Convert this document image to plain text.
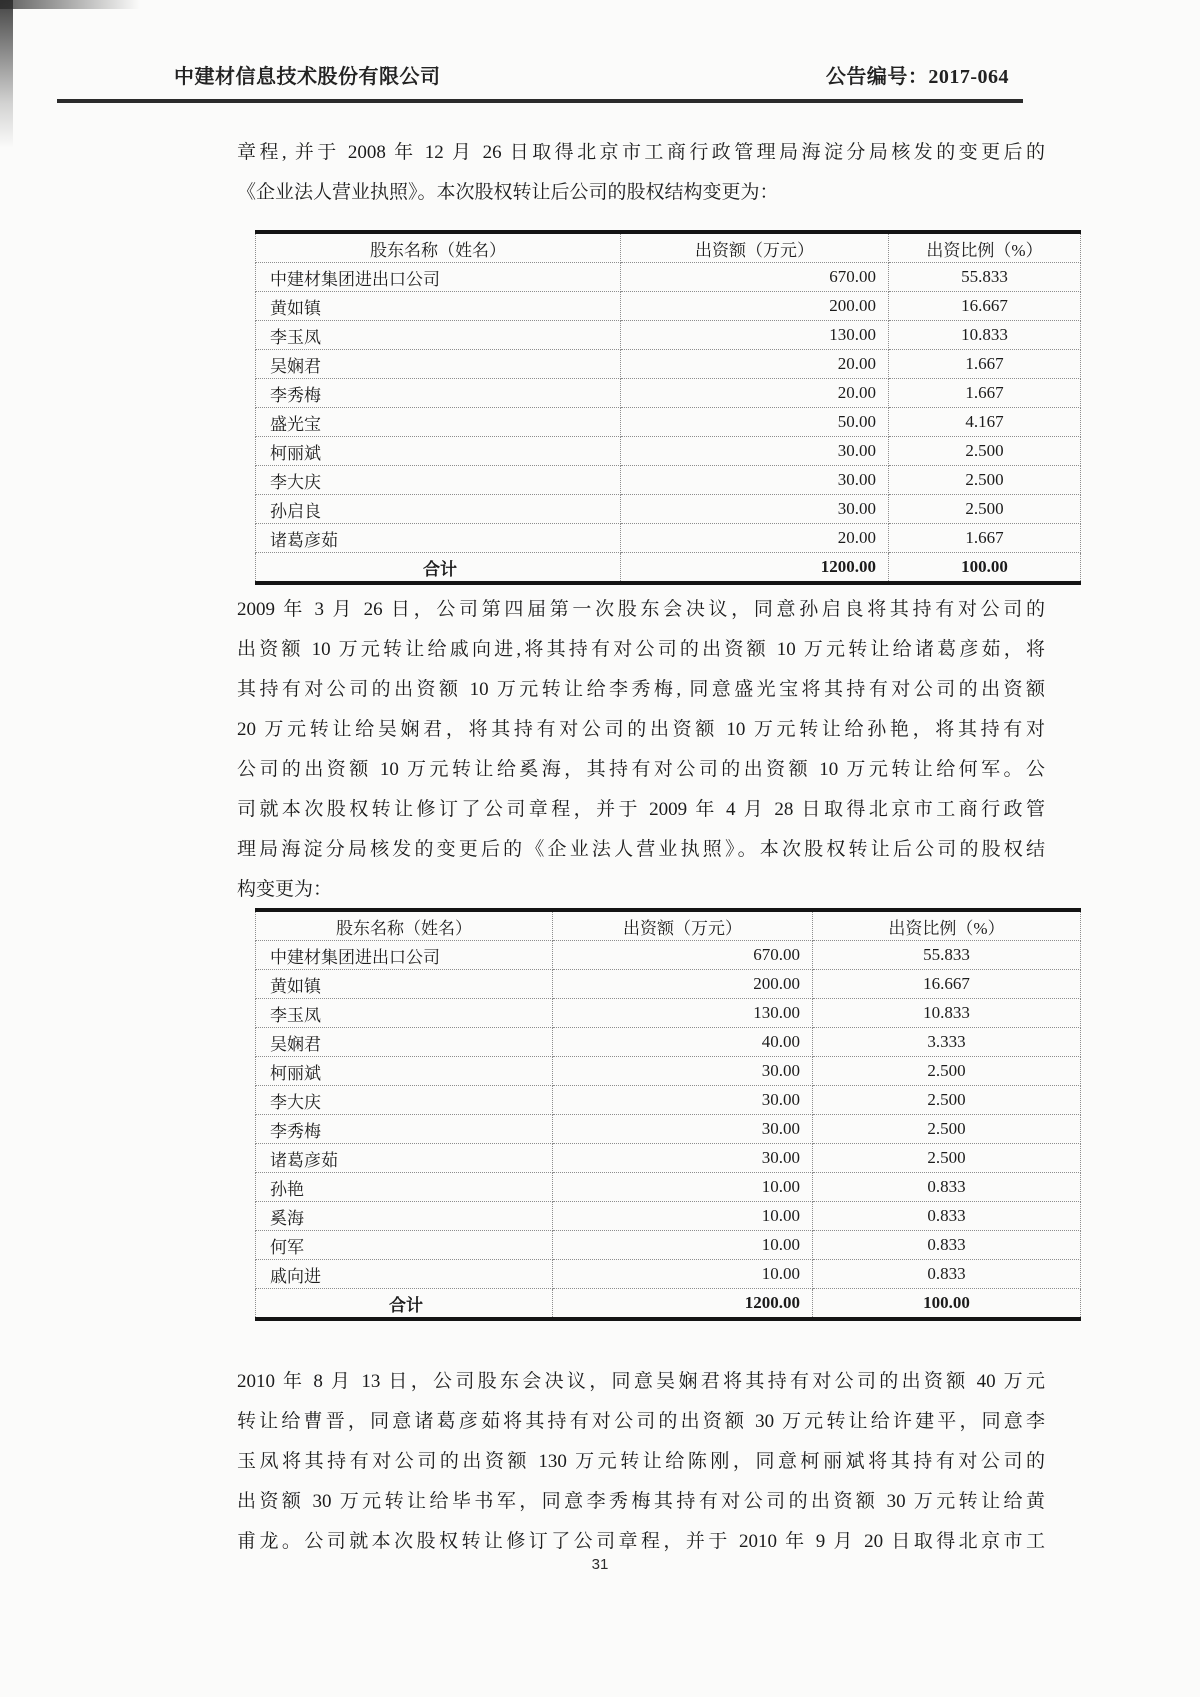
中建材信息技术股份有限公司	公告编号：2017-064
章程, 并于 2008 年 12 月 26 日取得北京市工商行政管理局海淀分局核发的变更后的
《企业法人营业执照》。本次股权转让后公司的股权结构变更为：
股东名称（姓名）	出资额（万元）	出资比例（%）
中建材集团进出口公司	670.00	55.833
黄如镇	200.00	16.667
李玉凤	130.00	10.833
吴娴君	20.00	1.667
李秀梅	20.00	1.667
盛光宝	50.00	4.167
柯丽斌	30.00	2.500
李大庆	30.00	2.500
孙启良	30.00	2.500
诸葛彦茹	20.00	1.667
合计	1200.00	100.00
2009 年 3 月 26 日，公司第四届第一次股东会决议，同意孙启良将其持有对公司的
出资额 10 万元转让给戚向进,将其持有对公司的出资额 10 万元转让给诸葛彦茹，将
其持有对公司的出资额 10 万元转让给李秀梅, 同意盛光宝将其持有对公司的出资额
20 万元转让给吴娴君，将其持有对公司的出资额 10 万元转让给孙艳，将其持有对
公司的出资额 10 万元转让给奚海，其持有对公司的出资额 10 万元转让给何军。公
司就本次股权转让修订了公司章程，并于 2009 年 4 月 28 日取得北京市工商行政管
理局海淀分局核发的变更后的《企业法人营业执照》。本次股权转让后公司的股权结
构变更为：
股东名称（姓名）	出资额（万元）	出资比例（%）
中建材集团进出口公司	670.00	55.833
黄如镇	200.00	16.667
李玉凤	130.00	10.833
吴娴君	40.00	3.333
柯丽斌	30.00	2.500
李大庆	30.00	2.500
李秀梅	30.00	2.500
诸葛彦茹	30.00	2.500
孙艳	10.00	0.833
奚海	10.00	0.833
何军	10.00	0.833
戚向进	10.00	0.833
合计	1200.00	100.00
2010 年 8 月 13 日，公司股东会决议，同意吴娴君将其持有对公司的出资额 40 万元
转让给曹晋，同意诸葛彦茹将其持有对公司的出资额 30 万元转让给许建平，同意李
玉凤将其持有对公司的出资额 130 万元转让给陈刚，同意柯丽斌将其持有对公司的
出资额 30 万元转让给毕书军，同意李秀梅其持有对公司的出资额 30 万元转让给黄
甫龙。公司就本次股权转让修订了公司章程，并于 2010 年 9 月 20 日取得北京市工
31
